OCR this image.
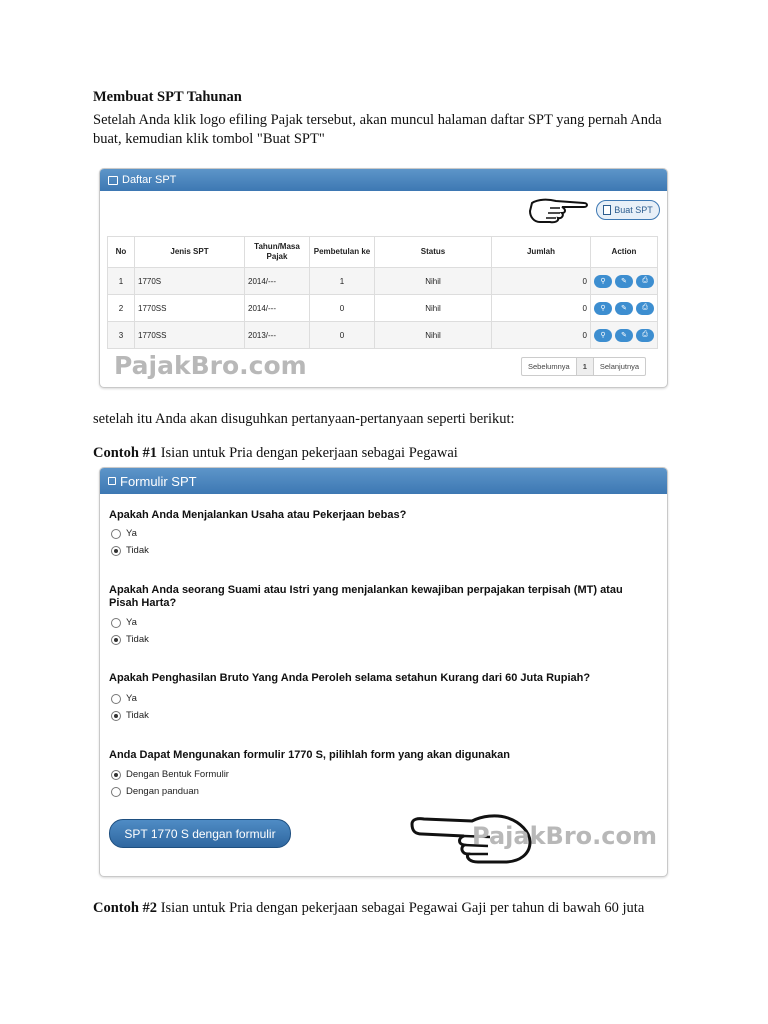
Membuat SPT Tahunan
Setelah Anda klik logo efiling Pajak tersebut, akan muncul halaman daftar SPT yang pernah Anda buat, kemudian klik tombol "Buat SPT"
Daftar SPT
Buat SPT
No	Jenis SPT	Tahun/Masa Pajak	Pembetulan ke	Status	Jumlah	Action
1	1770S	2014/---	1	Nihil	0	⚲ ✎ ⎙

2	1770SS	2014/---	0	Nihil	0	⚲ ✎ ⎙

3	1770SS	2013/---	0	Nihil	0	⚲ ✎ ⎙
PajakBro.com	Sebelumnya	1	Selanjutnya
setelah itu Anda akan disuguhkan pertanyaan-pertanyaan seperti berikut:
Contoh #1 Isian untuk Pria dengan pekerjaan sebagai Pegawai
Formulir SPT
Apakah Anda Menjalankan Usaha atau Pekerjaan bebas?
Ya
Tidak
Apakah Anda seorang Suami atau Istri yang menjalankan kewajiban perpajakan terpisah (MT) atau Pisah Harta?
Ya
Tidak
Apakah Penghasilan Bruto Yang Anda Peroleh selama setahun Kurang dari 60 Juta Rupiah?
Ya
Tidak
Anda Dapat Mengunakan formulir 1770 S, pilihlah form yang akan digunakan
Dengan Bentuk Formulir
Dengan panduan
SPT 1770 S dengan formulir	PajakBro.com
Contoh #2 Isian untuk Pria dengan pekerjaan sebagai Pegawai Gaji per tahun di bawah 60 juta
